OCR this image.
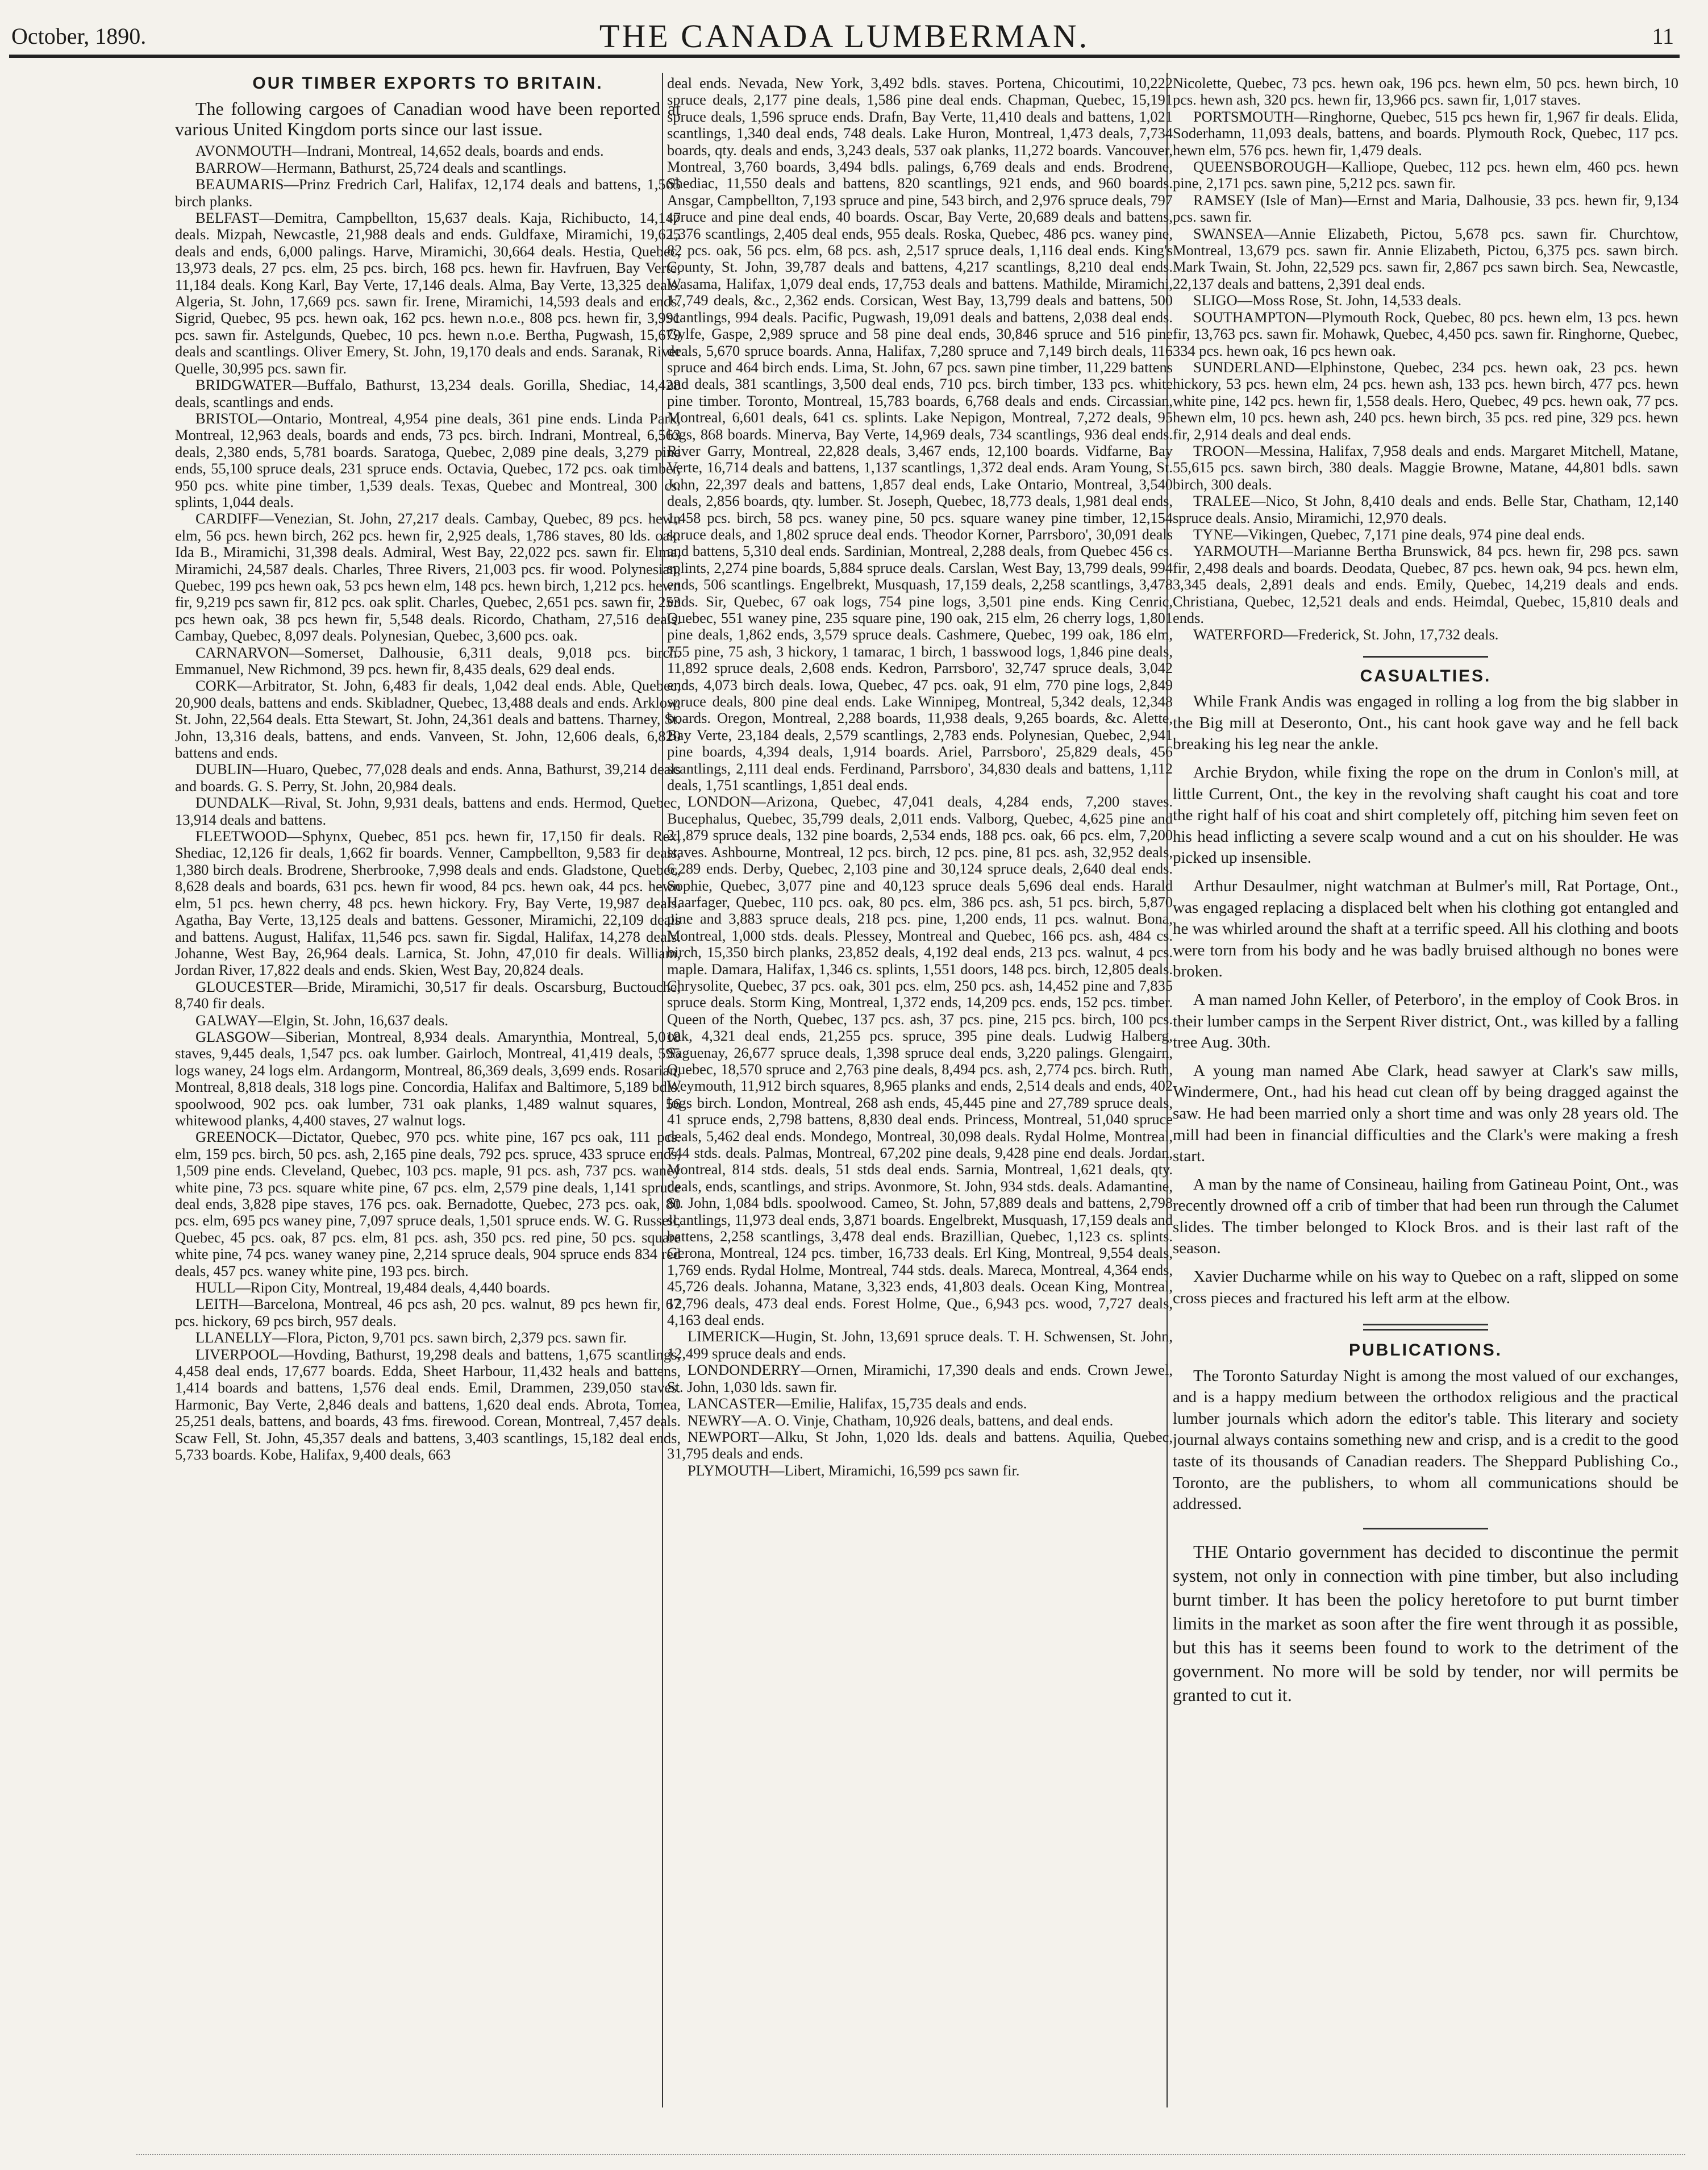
October, 1890.	THE CANADA LUMBERMAN.	11
OUR TIMBER EXPORTS TO BRITAIN.

The following cargoes of Canadian wood have been reported at various United Kingdom ports since our last issue.

AVONMOUTH—Indrani, Montreal, 14,652 deals, boards and ends.

BARROW—Hermann, Bathurst, 25,724 deals and scantlings.

BEAUMARIS—Prinz Fredrich Carl, Halifax, 12,174 deals and battens, 1,565 birch planks.

BELFAST—Demitra, Campbellton, 15,637 deals. Kaja, Richibucto, 14,147 deals. Mizpah, Newcastle, 21,988 deals and ends. Guldfaxe, Miramichi, 19,625 deals and ends, 6,000 palings. Harve, Miramichi, 30,664 deals. Hestia, Quebec, 13,973 deals, 27 pcs. elm, 25 pcs. birch, 168 pcs. hewn fir. Havfruen, Bay Verte, 11,184 deals. Kong Karl, Bay Verte, 17,146 deals. Alma, Bay Verte, 13,325 deals. Algeria, St. John, 17,669 pcs. sawn fir. Irene, Miramichi, 14,593 deals and ends. Sigrid, Quebec, 95 pcs. hewn oak, 162 pcs. hewn n.o.e., 808 pcs. hewn fir, 3,991 pcs. sawn fir. Astelgunds, Quebec, 10 pcs. hewn n.o.e. Bertha, Pugwash, 15,679 deals and scantlings. Oliver Emery, St. John, 19,170 deals and ends. Saranak, River Quelle, 30,995 pcs. sawn fir.

BRIDGWATER—Buffalo, Bathurst, 13,234 deals. Gorilla, Shediac, 14,428 deals, scantlings and ends.

BRISTOL—Ontario, Montreal, 4,954 pine deals, 361 pine ends. Linda Park, Montreal, 12,963 deals, boards and ends, 73 pcs. birch. Indrani, Montreal, 6,563 deals, 2,380 ends, 5,781 boards. Saratoga, Quebec, 2,089 pine deals, 3,279 pine ends, 55,100 spruce deals, 231 spruce ends. Octavia, Quebec, 172 pcs. oak timber, 950 pcs. white pine timber, 1,539 deals. Texas, Quebec and Montreal, 300 cs. splints, 1,044 deals.

CARDIFF—Venezian, St. John, 27,217 deals. Cambay, Quebec, 89 pcs. hewn elm, 56 pcs. hewn birch, 262 pcs. hewn fir, 2,925 deals, 1,786 staves, 80 lds. oak. Ida B., Miramichi, 31,398 deals. Admiral, West Bay, 22,022 pcs. sawn fir. Elma, Miramichi, 24,587 deals. Charles, Three Rivers, 21,003 pcs. fir wood. Polynesian, Quebec, 199 pcs hewn oak, 53 pcs hewn elm, 148 pcs. hewn birch, 1,212 pcs. hewn fir, 9,219 pcs sawn fir, 812 pcs. oak split. Charles, Quebec, 2,651 pcs. sawn fir, 253 pcs hewn oak, 38 pcs hewn fir, 5,548 deals. Ricordo, Chatham, 27,516 deals. Cambay, Quebec, 8,097 deals. Polynesian, Quebec, 3,600 pcs. oak.

CARNARVON—Somerset, Dalhousie, 6,311 deals, 9,018 pcs. birch. Emmanuel, New Richmond, 39 pcs. hewn fir, 8,435 deals, 629 deal ends.

CORK—Arbitrator, St. John, 6,483 fir deals, 1,042 deal ends. Able, Quebec, 20,900 deals, battens and ends. Skibladner, Quebec, 13,488 deals and ends. Arklow, St. John, 22,564 deals. Etta Stewart, St. John, 24,361 deals and battens. Tharney, St. John, 13,316 deals, battens, and ends. Vanveen, St. John, 12,606 deals, 6,820 battens and ends.

DUBLIN—Huaro, Quebec, 77,028 deals and ends. Anna, Bathurst, 39,214 deals and boards. G. S. Perry, St. John, 20,984 deals.

DUNDALK—Rival, St. John, 9,931 deals, battens and ends. Hermod, Quebec, 13,914 deals and battens.

FLEETWOOD—Sphynx, Quebec, 851 pcs. hewn fir, 17,150 fir deals. Rex, Shediac, 12,126 fir deals, 1,662 fir boards. Venner, Campbellton, 9,583 fir deals, 1,380 birch deals. Brodrene, Sherbrooke, 7,998 deals and ends. Gladstone, Quebec, 8,628 deals and boards, 631 pcs. hewn fir wood, 84 pcs. hewn oak, 44 pcs. hewn elm, 51 pcs. hewn cherry, 48 pcs. hewn hickory. Fry, Bay Verte, 19,987 deals. Agatha, Bay Verte, 13,125 deals and battens. Gessoner, Miramichi, 22,109 deals and battens. August, Halifax, 11,546 pcs. sawn fir. Sigdal, Halifax, 14,278 deals. Johanne, West Bay, 26,964 deals. Larnica, St. John, 47,010 fir deals. William, Jordan River, 17,822 deals and ends. Skien, West Bay, 20,824 deals.

GLOUCESTER—Bride, Miramichi, 30,517 fir deals. Oscarsburg, Buctouche, 8,740 fir deals.

GALWAY—Elgin, St. John, 16,637 deals.

GLASGOW—Siberian, Montreal, 8,934 deals. Amarynthia, Montreal, 5,018 staves, 9,445 deals, 1,547 pcs. oak lumber. Gairloch, Montreal, 41,419 deals, 595 logs waney, 24 logs elm. Ardangorm, Montreal, 86,369 deals, 3,699 ends. Rosarian, Montreal, 8,818 deals, 318 logs pine. Concordia, Halifax and Baltimore, 5,189 bdls. spoolwood, 902 pcs. oak lumber, 731 oak planks, 1,489 walnut squares, 56 whitewood planks, 4,400 staves, 27 walnut logs.

GREENOCK—Dictator, Quebec, 970 pcs. white pine, 167 pcs oak, 111 pcs. elm, 159 pcs. birch, 50 pcs. ash, 2,165 pine deals, 792 pcs. spruce, 433 spruce ends, 1,509 pine ends. Cleveland, Quebec, 103 pcs. maple, 91 pcs. ash, 737 pcs. waney white pine, 73 pcs. square white pine, 67 pcs. elm, 2,579 pine deals, 1,141 spruce deal ends, 3,828 pipe staves, 176 pcs. oak. Bernadotte, Quebec, 273 pcs. oak, 80 pcs. elm, 695 pcs waney pine, 7,097 spruce deals, 1,501 spruce ends. W. G. Russell, Quebec, 45 pcs. oak, 87 pcs. elm, 81 pcs. ash, 350 pcs. red pine, 50 pcs. square white pine, 74 pcs. waney waney pine, 2,214 spruce deals, 904 spruce ends 834 red deals, 457 pcs. waney white pine, 193 pcs. birch.

HULL—Ripon City, Montreal, 19,484 deals, 4,440 boards.

LEITH—Barcelona, Montreal, 46 pcs ash, 20 pcs. walnut, 89 pcs hewn fir, 67 pcs. hickory, 69 pcs birch, 957 deals.

LLANELLY—Flora, Picton, 9,701 pcs. sawn birch, 2,379 pcs. sawn fir.

LIVERPOOL—Hovding, Bathurst, 19,298 deals and battens, 1,675 scantlings, 4,458 deal ends, 17,677 boards. Edda, Sheet Harbour, 11,432 heals and battens, 1,414 boards and battens, 1,576 deal ends. Emil, Drammen, 239,050 staves. Harmonic, Bay Verte, 2,846 deals and battens, 1,620 deal ends. Abrota, Tomea, 25,251 deals, battens, and boards, 43 fms. firewood. Corean, Montreal, 7,457 deals. Scaw Fell, St. John, 45,357 deals and battens, 3,403 scantlings, 15,182 deal ends, 5,733 boards. Kobe, Halifax, 9,400 deals, 663

deal ends. Nevada, New York, 3,492 bdls. staves. Portena, Chicoutimi, 10,222 spruce deals, 2,177 pine deals, 1,586 pine deal ends. Chapman, Quebec, 15,191 spruce deals, 1,596 spruce ends. Drafn, Bay Verte, 11,410 deals and battens, 1,021 scantlings, 1,340 deal ends, 748 deals. Lake Huron, Montreal, 1,473 deals, 7,734 boards, qty. deals and ends, 3,243 deals, 537 oak planks, 11,272 boards. Vancouver, Montreal, 3,760 boards, 3,494 bdls. palings, 6,769 deals and ends. Brodrene, Shediac, 11,550 deals and battens, 820 scantlings, 921 ends, and 960 boards. Ansgar, Campbellton, 7,193 spruce and pine, 543 birch, and 2,976 spruce deals, 797 spruce and pine deal ends, 40 boards. Oscar, Bay Verte, 20,689 deals and battens, 1,376 scantlings, 2,405 deal ends, 955 deals. Roska, Quebec, 486 pcs. waney pine, 82 pcs. oak, 56 pcs. elm, 68 pcs. ash, 2,517 spruce deals, 1,116 deal ends. King's County, St. John, 39,787 deals and battens, 4,217 scantlings, 8,210 deal ends. Wasama, Halifax, 1,079 deal ends, 17,753 deals and battens. Mathilde, Miramichi, 17,749 deals, &c., 2,362 ends. Corsican, West Bay, 13,799 deals and battens, 500 scantlings, 994 deals. Pacific, Pugwash, 19,091 deals and battens, 2,038 deal ends. Gylfe, Gaspe, 2,989 spruce and 58 pine deal ends, 30,846 spruce and 516 pine deals, 5,670 spruce boards. Anna, Halifax, 7,280 spruce and 7,149 birch deals, 116 spruce and 464 birch ends. Lima, St. John, 67 pcs. sawn pine timber, 11,229 battens and deals, 381 scantlings, 3,500 deal ends, 710 pcs. birch timber, 133 pcs. white pine timber. Toronto, Montreal, 15,783 boards, 6,768 deals and ends. Circassian, Montreal, 6,601 deals, 641 cs. splints. Lake Nepigon, Montreal, 7,272 deals, 95 logs, 868 boards. Minerva, Bay Verte, 14,969 deals, 734 scantlings, 936 deal ends. River Garry, Montreal, 22,828 deals, 3,467 ends, 12,100 boards. Vidfarne, Bay Verte, 16,714 deals and battens, 1,137 scantlings, 1,372 deal ends. Aram Young, St. John, 22,397 deals and battens, 1,857 deal ends, Lake Ontario, Montreal, 3,540 deals, 2,856 boards, qty. lumber. St. Joseph, Quebec, 18,773 deals, 1,981 deal ends, 1,458 pcs. birch, 58 pcs. waney pine, 50 pcs. square waney pine timber, 12,154 spruce deals, and 1,802 spruce deal ends. Theodor Korner, Parrsboro', 30,091 deals and battens, 5,310 deal ends. Sardinian, Montreal, 2,288 deals, from Quebec 456 cs. splints, 2,274 pine boards, 5,884 spruce deals. Carslan, West Bay, 13,799 deals, 994 ends, 506 scantlings. Engelbrekt, Musquash, 17,159 deals, 2,258 scantlings, 3,478 ends. Sir, Quebec, 67 oak logs, 754 pine logs, 3,501 pine ends. King Cenric, Quebec, 551 waney pine, 235 square pine, 190 oak, 215 elm, 26 cherry logs, 1,801 pine deals, 1,862 ends, 3,579 spruce deals. Cashmere, Quebec, 199 oak, 186 elm, 755 pine, 75 ash, 3 hickory, 1 tamarac, 1 birch, 1 basswood logs, 1,846 pine deals, 11,892 spruce deals, 2,608 ends. Kedron, Parrsboro', 32,747 spruce deals, 3,042 ends, 4,073 birch deals. Iowa, Quebec, 47 pcs. oak, 91 elm, 770 pine logs, 2,849 spruce deals, 800 pine deal ends. Lake Winnipeg, Montreal, 5,342 deals, 12,348 boards. Oregon, Montreal, 2,288 boards, 11,938 deals, 9,265 boards, &c. Alette, Bay Verte, 23,184 deals, 2,579 scantlings, 2,783 ends. Polynesian, Quebec, 2,941 pine boards, 4,394 deals, 1,914 boards. Ariel, Parrsboro', 25,829 deals, 456 scantlings, 2,111 deal ends. Ferdinand, Parrsboro', 34,830 deals and battens, 1,112 deals, 1,751 scantlings, 1,851 deal ends.

LONDON—Arizona, Quebec, 47,041 deals, 4,284 ends, 7,200 staves. Bucephalus, Quebec, 35,799 deals, 2,011 ends. Valborg, Quebec, 4,625 pine and 21,879 spruce deals, 132 pine boards, 2,534 ends, 188 pcs. oak, 66 pcs. elm, 7,200 staves. Ashbourne, Montreal, 12 pcs. birch, 12 pcs. pine, 81 pcs. ash, 32,952 deals, 6,289 ends. Derby, Quebec, 2,103 pine and 30,124 spruce deals, 2,640 deal ends. Sophie, Quebec, 3,077 pine and 40,123 spruce deals 5,696 deal ends. Harald Haarfager, Quebec, 110 pcs. oak, 80 pcs. elm, 386 pcs. ash, 51 pcs. birch, 5,870 pine and 3,883 spruce deals, 218 pcs. pine, 1,200 ends, 11 pcs. walnut. Bona, Montreal, 1,000 stds. deals. Plessey, Montreal and Quebec, 166 pcs. ash, 484 cs. birch, 15,350 birch planks, 23,852 deals, 4,192 deal ends, 213 pcs. walnut, 4 pcs. maple. Damara, Halifax, 1,346 cs. splints, 1,551 doors, 148 pcs. birch, 12,805 deals. Chrysolite, Quebec, 37 pcs. oak, 301 pcs. elm, 250 pcs. ash, 14,452 pine and 7,835 spruce deals. Storm King, Montreal, 1,372 ends, 14,209 pcs. ends, 152 pcs. timber. Queen of the North, Quebec, 137 pcs. ash, 37 pcs. pine, 215 pcs. birch, 100 pcs. oak, 4,321 deal ends, 21,255 pcs. spruce, 395 pine deals. Ludwig Halberg, Saguenay, 26,677 spruce deals, 1,398 spruce deal ends, 3,220 palings. Glengairn, Quebec, 18,570 spruce and 2,763 pine deals, 8,494 pcs. ash, 2,774 pcs. birch. Ruth, Weymouth, 11,912 birch squares, 8,965 planks and ends, 2,514 deals and ends, 402 logs birch. London, Montreal, 268 ash ends, 45,445 pine and 27,789 spruce deals, 41 spruce ends, 2,798 battens, 8,830 deal ends. Princess, Montreal, 51,040 spruce deals, 5,462 deal ends. Mondego, Montreal, 30,098 deals. Rydal Holme, Montreal, 744 stds. deals. Palmas, Montreal, 67,202 pine deals, 9,428 pine end deals. Jordan, Montreal, 814 stds. deals, 51 stds deal ends. Sarnia, Montreal, 1,621 deals, qty. deals, ends, scantlings, and strips. Avonmore, St. John, 934 stds. deals. Adamantine, St. John, 1,084 bdls. spoolwood. Cameo, St. John, 57,889 deals and battens, 2,798 scantlings, 11,973 deal ends, 3,871 boards. Engelbrekt, Musquash, 17,159 deals and battens, 2,258 scantlings, 3,478 deal ends. Brazillian, Quebec, 1,123 cs. splints. Gerona, Montreal, 124 pcs. timber, 16,733 deals. Erl King, Montreal, 9,554 deals, 1,769 ends. Rydal Holme, Montreal, 744 stds. deals. Mareca, Montreal, 4,364 ends, 45,726 deals. Johanna, Matane, 3,323 ends, 41,803 deals. Ocean King, Montreal, 12,796 deals, 473 deal ends. Forest Holme, Que., 6,943 pcs. wood, 7,727 deals, 4,163 deal ends.

LIMERICK—Hugin, St. John, 13,691 spruce deals. T. H. Schwensen, St. John, 12,499 spruce deals and ends.

LONDONDERRY—Ornen, Miramichi, 17,390 deals and ends. Crown Jewel, St. John, 1,030 lds. sawn fir.

LANCASTER—Emilie, Halifax, 15,735 deals and ends.

NEWRY—A. O. Vinje, Chatham, 10,926 deals, battens, and deal ends.

NEWPORT—Alku, St John, 1,020 lds. deals and battens. Aquilia, Quebec, 31,795 deals and ends.

PLYMOUTH—Libert, Miramichi, 16,599 pcs sawn fir.

Nicolette, Quebec, 73 pcs. hewn oak, 196 pcs. hewn elm, 50 pcs. hewn birch, 10 pcs. hewn ash, 320 pcs. hewn fir, 13,966 pcs. sawn fir, 1,017 staves.

PORTSMOUTH—Ringhorne, Quebec, 515 pcs hewn fir, 1,967 fir deals. Elida, Soderhamn, 11,093 deals, battens, and boards. Plymouth Rock, Quebec, 117 pcs. hewn elm, 576 pcs. hewn fir, 1,479 deals.

QUEENSBOROUGH—Kalliope, Quebec, 112 pcs. hewn elm, 460 pcs. hewn pine, 2,171 pcs. sawn pine, 5,212 pcs. sawn fir.

RAMSEY (Isle of Man)—Ernst and Maria, Dalhousie, 33 pcs. hewn fir, 9,134 pcs. sawn fir.

SWANSEA—Annie Elizabeth, Pictou, 5,678 pcs. sawn fir. Churchtow, Montreal, 13,679 pcs. sawn fir. Annie Elizabeth, Pictou, 6,375 pcs. sawn birch. Mark Twain, St. John, 22,529 pcs. sawn fir, 2,867 pcs sawn birch. Sea, Newcastle, 22,137 deals and battens, 2,391 deal ends.

SLIGO—Moss Rose, St. John, 14,533 deals.

SOUTHAMPTON—Plymouth Rock, Quebec, 80 pcs. hewn elm, 13 pcs. hewn fir, 13,763 pcs. sawn fir. Mohawk, Quebec, 4,450 pcs. sawn fir. Ringhorne, Quebec, 334 pcs. hewn oak, 16 pcs hewn oak.

SUNDERLAND—Elphinstone, Quebec, 234 pcs. hewn oak, 23 pcs. hewn hickory, 53 pcs. hewn elm, 24 pcs. hewn ash, 133 pcs. hewn birch, 477 pcs. hewn white pine, 142 pcs. hewn fir, 1,558 deals. Hero, Quebec, 49 pcs. hewn oak, 77 pcs. hewn elm, 10 pcs. hewn ash, 240 pcs. hewn birch, 35 pcs. red pine, 329 pcs. hewn fir, 2,914 deals and deal ends.

TROON—Messina, Halifax, 7,958 deals and ends. Margaret Mitchell, Matane, 55,615 pcs. sawn birch, 380 deals. Maggie Browne, Matane, 44,801 bdls. sawn birch, 300 deals.

TRALEE—Nico, St John, 8,410 deals and ends. Belle Star, Chatham, 12,140 spruce deals. Ansio, Miramichi, 12,970 deals.

TYNE—Vikingen, Quebec, 7,171 pine deals, 974 pine deal ends.

YARMOUTH—Marianne Bertha Brunswick, 84 pcs. hewn fir, 298 pcs. sawn fir, 2,498 deals and boards. Deodata, Quebec, 87 pcs. hewn oak, 94 pcs. hewn elm, 3,345 deals, 2,891 deals and ends. Emily, Quebec, 14,219 deals and ends. Christiana, Quebec, 12,521 deals and ends. Heimdal, Quebec, 15,810 deals and ends.

WATERFORD—Frederick, St. John, 17,732 deals.

CASUALTIES.

While Frank Andis was engaged in rolling a log from the big slabber in the Big mill at Deseronto, Ont., his cant hook gave way and he fell back breaking his leg near the ankle.

Archie Brydon, while fixing the rope on the drum in Conlon's mill, at little Current, Ont., the key in the revolving shaft caught his coat and tore the right half of his coat and shirt completely off, pitching him seven feet on his head inflicting a severe scalp wound and a cut on his shoulder. He was picked up insensible.

Arthur Desaulmer, night watchman at Bulmer's mill, Rat Portage, Ont., was engaged replacing a displaced belt when his clothing got entangled and he was whirled around the shaft at a terrific speed. All his clothing and boots were torn from his body and he was badly bruised although no bones were broken.

A man named John Keller, of Peterboro', in the employ of Cook Bros. in their lumber camps in the Serpent River district, Ont., was killed by a falling tree Aug. 30th.

A young man named Abe Clark, head sawyer at Clark's saw mills, Windermere, Ont., had his head cut clean off by being dragged against the saw. He had been married only a short time and was only 28 years old. The mill had been in financial difficulties and the Clark's were making a fresh start.

A man by the name of Consineau, hailing from Gatineau Point, Ont., was recently drowned off a crib of timber that had been run through the Calumet slides. The timber belonged to Klock Bros. and is their last raft of the season.

Xavier Ducharme while on his way to Quebec on a raft, slipped on some cross pieces and fractured his left arm at the elbow.

PUBLICATIONS.

The Toronto Saturday Night is among the most valued of our exchanges, and is a happy medium between the orthodox religious and the practical lumber journals which adorn the editor's table. This literary and society journal always contains something new and crisp, and is a credit to the good taste of its thousands of Canadian readers. The Sheppard Publishing Co., Toronto, are the publishers, to whom all communications should be addressed.

THE Ontario government has decided to discontinue the permit system, not only in connection with pine timber, but also including burnt timber. It has been the policy heretofore to put burnt timber limits in the market as soon after the fire went through it as possible, but this has it seems been found to work to the detriment of the government. No more will be sold by tender, nor will permits be granted to cut it.
